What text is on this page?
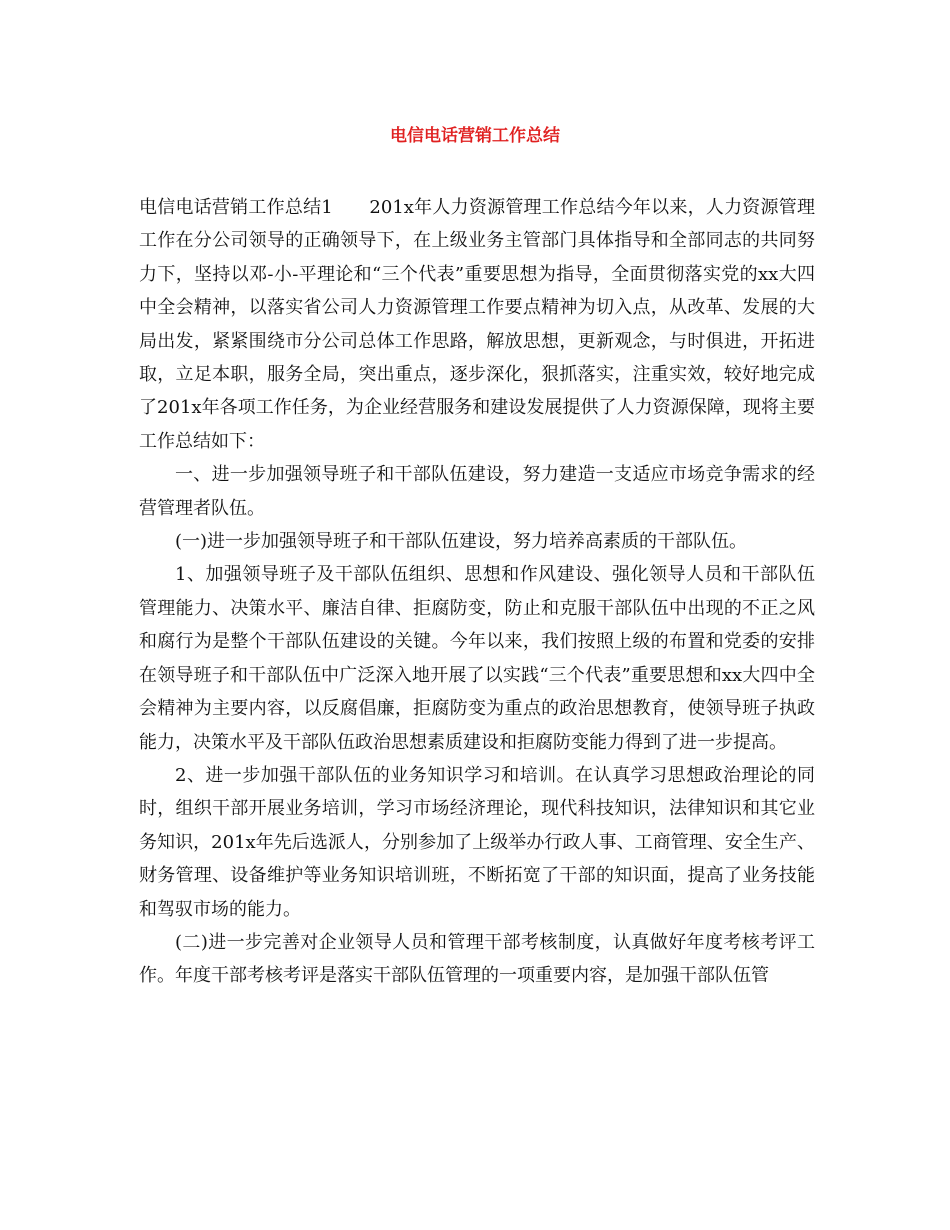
电信电话营销工作总结

电信电话营销工作总结1　　201x年人力资源管理工作总结今年以来，人力资源管理工作在分公司领导的正确领导下，在上级业务主管部门具体指导和全部同志的共同努力下，坚持以邓-小-平理论和“三个代表”重要思想为指导，全面贯彻落实党的xx大四中全会精神，以落实省公司人力资源管理工作要点精神为切入点，从改革、发展的大局出发，紧紧围绕市分公司总体工作思路，解放思想，更新观念，与时俱进，开拓进取，立足本职，服务全局，突出重点，逐步深化，狠抓落实，注重实效，较好地完成了201x年各项工作任务，为企业经营服务和建设发展提供了人力资源保障，现将主要工作总结如下：

一、进一步加强领导班子和干部队伍建设，努力建造一支适应市场竞争需求的经营管理者队伍。

(一)进一步加强领导班子和干部队伍建设，努力培养高素质的干部队伍。

1、加强领导班子及干部队伍组织、思想和作风建设、强化领导人员和干部队伍管理能力、决策水平、廉洁自律、拒腐防变，防止和克服干部队伍中出现的不正之风和腐行为是整个干部队伍建设的关键。今年以来，我们按照上级的布置和党委的安排在领导班子和干部队伍中广泛深入地开展了以实践“三个代表”重要思想和xx大四中全会精神为主要内容，以反腐倡廉，拒腐防变为重点的政治思想教育，使领导班子执政能力，决策水平及干部队伍政治思想素质建设和拒腐防变能力得到了进一步提高。

2、进一步加强干部队伍的业务知识学习和培训。在认真学习思想政治理论的同时，组织干部开展业务培训，学习市场经济理论，现代科技知识，法律知识和其它业务知识，201x年先后选派人，分别参加了上级举办行政人事、工商管理、安全生产、财务管理、设备维护等业务知识培训班，不断拓宽了干部的知识面，提高了业务技能和驾驭市场的能力。

(二)进一步完善对企业领导人员和管理干部考核制度，认真做好年度考核考评工作。年度干部考核考评是落实干部队伍管理的一项重要内容，是加强干部队伍管
